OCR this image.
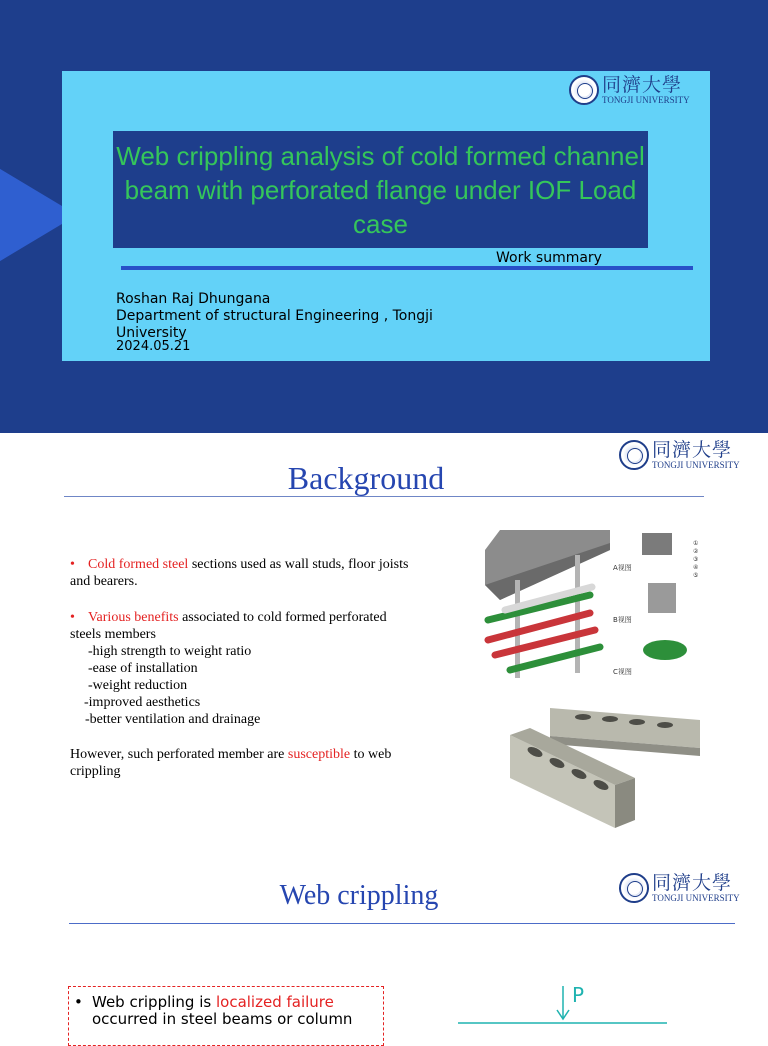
同濟大學
TONGJI UNIVERSITY
Web crippling analysis of cold formed channel beam with perforated flange under IOF Load case
Work summary
Roshan Raj Dhungana
Department of structural Engineering , Tongji University
2024.05.21
同濟大學
TONGJI UNIVERSITY
Background
• Cold formed steel sections used as wall studs, floor joists and bearers.
• Various benefits associated to cold formed perforated steels members
-high strength to weight ratio
-ease of installation
-weight reduction
-improved aesthetics
-better ventilation and drainage
However, such perforated member are susceptible to web crippling
A视图
B视图
C视图
①
②
③
④
⑤
同濟大學
TONGJI UNIVERSITY
Web crippling
• Web crippling is localized failure
occurred in steel beams or column
P
